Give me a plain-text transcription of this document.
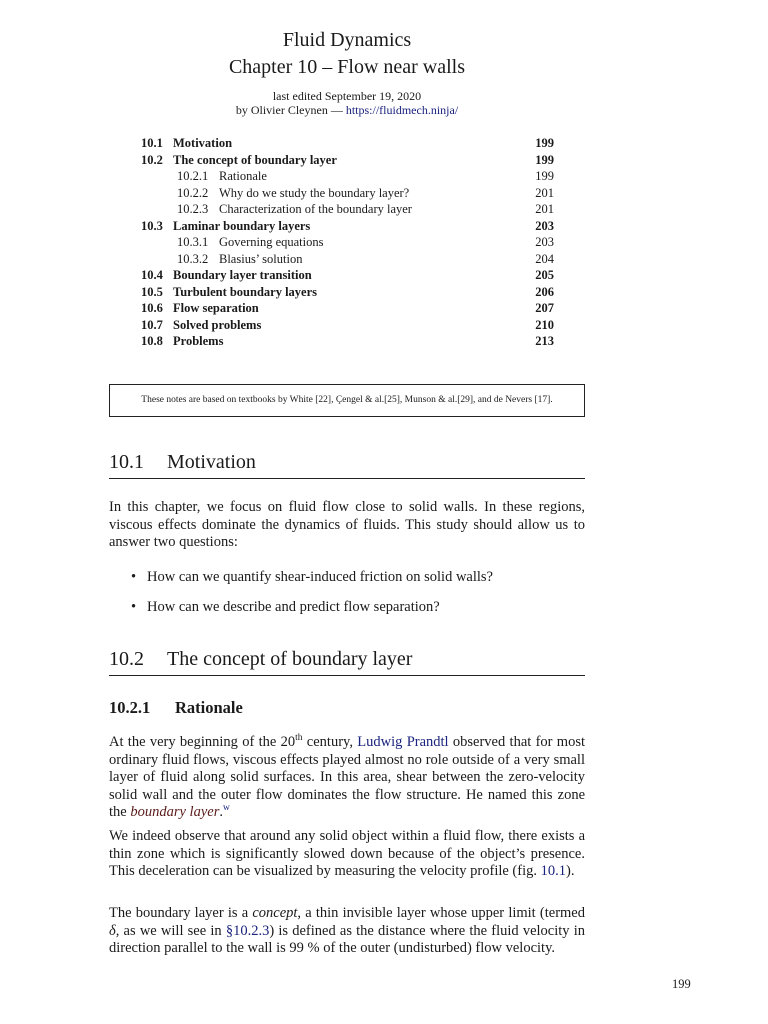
Fluid Dynamics
Chapter 10 – Flow near walls
last edited September 19, 2020
by Olivier Cleynen — https://fluidmech.ninja/
10.1 Motivation	199
10.2 The concept of boundary layer	199
10.2.1 Rationale	199
10.2.2 Why do we study the boundary layer?	201
10.2.3 Characterization of the boundary layer	201
10.3 Laminar boundary layers	203
10.3.1 Governing equations	203
10.3.2 Blasius’ solution	204
10.4 Boundary layer transition	205
10.5 Turbulent boundary layers	206
10.6 Flow separation	207
10.7 Solved problems	210
10.8 Problems	213
These notes are based on textbooks by White [22], Çengel & al.[25], Munson & al.[29], and de Nevers [17].
10.1 Motivation

In this chapter, we focus on fluid flow close to solid walls. In these regions, viscous effects dominate the dynamics of fluids. This study should allow us to answer two questions:

• How can we quantify shear-induced friction on solid walls?
• How can we describe and predict flow separation?
10.2 The concept of boundary layer
10.2.1 Rationale

At the very beginning of the 20th century, Ludwig Prandtl observed that for most ordinary fluid flows, viscous effects played almost no role outside of a very small layer of fluid along solid surfaces. In this area, shear between the zero-velocity solid wall and the outer flow dominates the flow structure. He named this zone the boundary layer.$^w$

We indeed observe that around any solid object within a fluid flow, there exists a thin zone which is significantly slowed down because of the object’s presence. This deceleration can be visualized by measuring the velocity profile (fig. 10.1).

The boundary layer is a concept, a thin invisible layer whose upper limit (termed δ, as we will see in §10.2.3) is defined as the distance where the fluid velocity in direction parallel to the wall is 99 % of the outer (undisturbed) flow velocity.

199
